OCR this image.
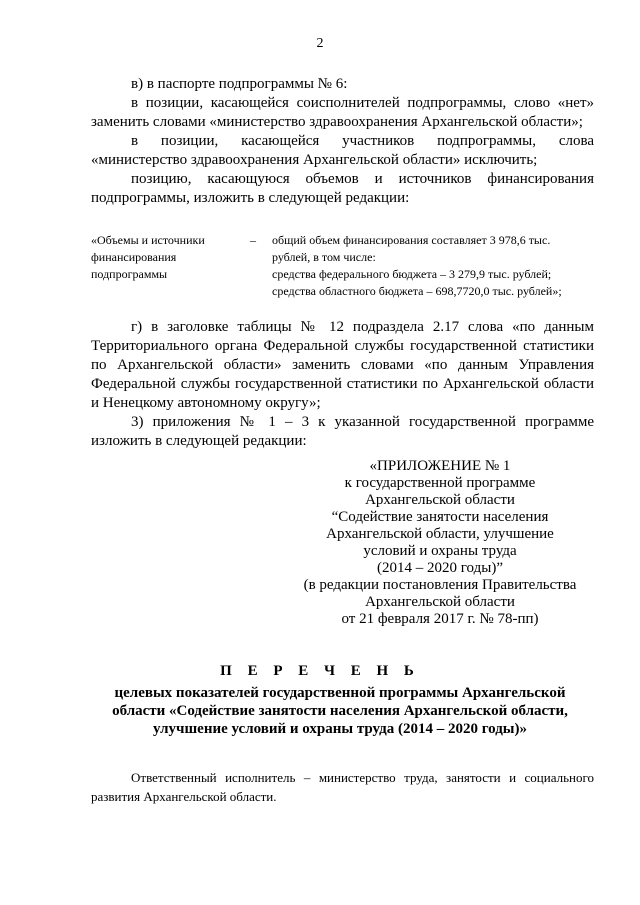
2

в) в паспорте подпрограммы № 6:

в позиции, касающейся соисполнителей подпрограммы, слово «нет» заменить словами «министерство здравоохранения Архангельской области»;

в позиции, касающейся участников подпрограммы, слова «министерство здравоохранения Архангельской области» исключить;

позицию, касающуюся объемов и источников финансирования подпрограммы, изложить в следующей редакции:

«Объемы и источники
финансирования
подпрограммы
– общий объем финансирования составляет 3 978,6 тыс.
рублей, в том числе:
средства федерального бюджета – 3 279,9 тыс. рублей;
средства областного бюджета – 698,7720,0 тыс. рублей»;

г) в заголовке таблицы № 12 подраздела 2.17 слова «по данным Территориального органа Федеральной службы государственной статистики по Архангельской области» заменить словами «по данным Управления Федеральной службы государственной статистики по Архангельской области и Ненецкому автономному округу»;

3) приложения № 1 – 3 к указанной государственной программе изложить в следующей редакции:

«ПРИЛОЖЕНИЕ № 1
к государственной программе
Архангельской области
“Содействие занятости населения
Архангельской области, улучшение
условий и охраны труда
(2014 – 2020 годы)”
(в редакции постановления Правительства
Архангельской области
от 21 февраля 2017 г. № 78-пп)
П Е Р Е Ч Е Н Ь
целевых показателей государственной программы Архангельской
области «Содействие занятости населения Архангельской области,
улучшение условий и охраны труда (2014 – 2020 годы)»
Ответственный исполнитель – министерство труда, занятости и социального развития Архангельской области.
